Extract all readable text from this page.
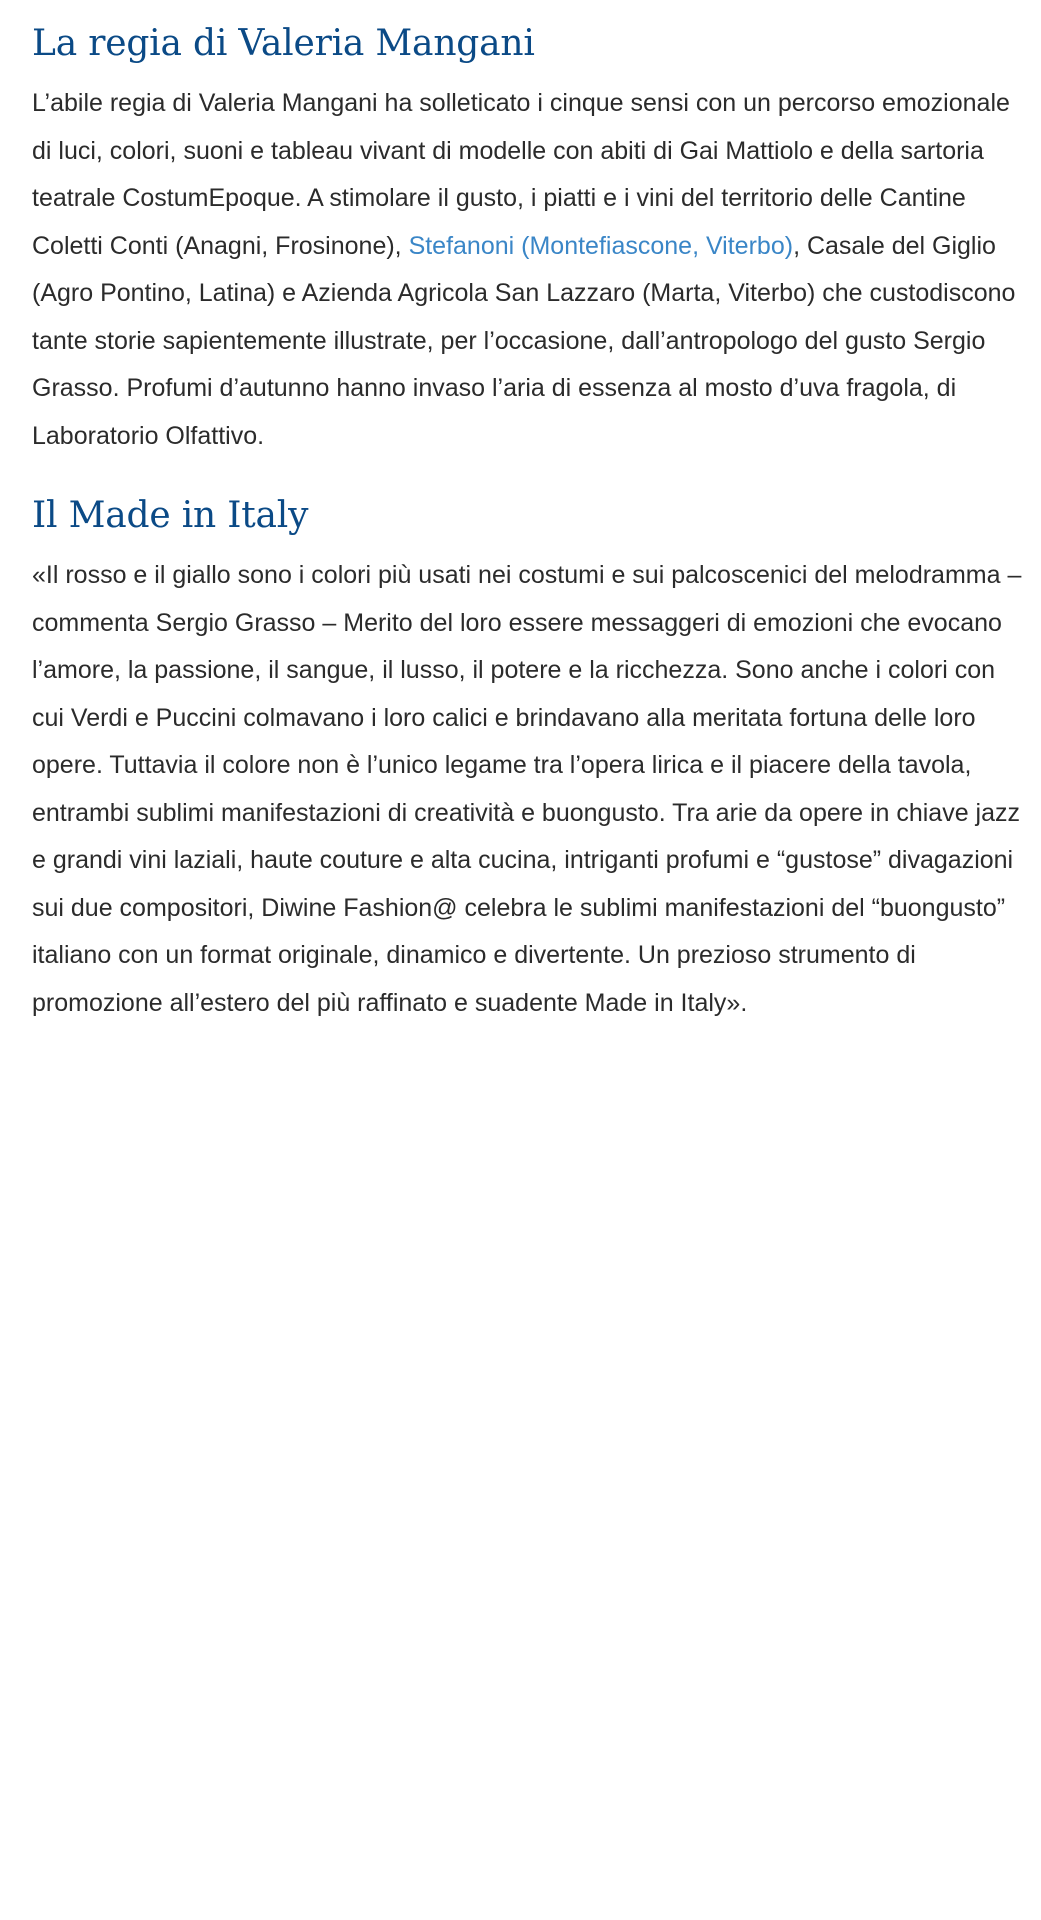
La regia di Valeria Mangani

L’abile regia di Valeria Mangani ha solleticato i cinque sensi con un percorso emozionale di luci, colori, suoni e tableau vivant di modelle con abiti di Gai Mattiolo e della sartoria teatrale CostumEpoque. A stimolare il gusto, i piatti e i vini del territorio delle Cantine Coletti Conti (Anagni, Frosinone), Stefanoni (Montefiascone, Viterbo), Casale del Giglio (Agro Pontino, Latina) e Azienda Agricola San Lazzaro (Marta, Viterbo) che custodiscono tante storie sapientemente illustrate, per l’occasione, dall’antropologo del gusto Sergio Grasso. Profumi d’autunno hanno invaso l’aria di essenza al mosto d’uva fragola, di Laboratorio Olfattivo.

Il Made in Italy

«Il rosso e il giallo sono i colori più usati nei costumi e sui palcoscenici del melodramma – commenta Sergio Grasso – Merito del loro essere messaggeri di emozioni che evocano l’amore, la passione, il sangue, il lusso, il potere e la ricchezza. Sono anche i colori con cui Verdi e Puccini colmavano i loro calici e brindavano alla meritata fortuna delle loro opere. Tuttavia il colore non è l’unico legame tra l’opera lirica e il piacere della tavola, entrambi sublimi manifestazioni di creatività e buongusto. Tra arie da opere in chiave jazz e grandi vini laziali, haute couture e alta cucina, intriganti profumi e “gustose” divagazioni sui due compositori, Diwine Fashion@ celebra le sublimi manifestazioni del “buongusto” italiano con un format originale, dinamico e divertente. Un prezioso strumento di promozione all’estero del più raffinato e suadente Made in Italy».
